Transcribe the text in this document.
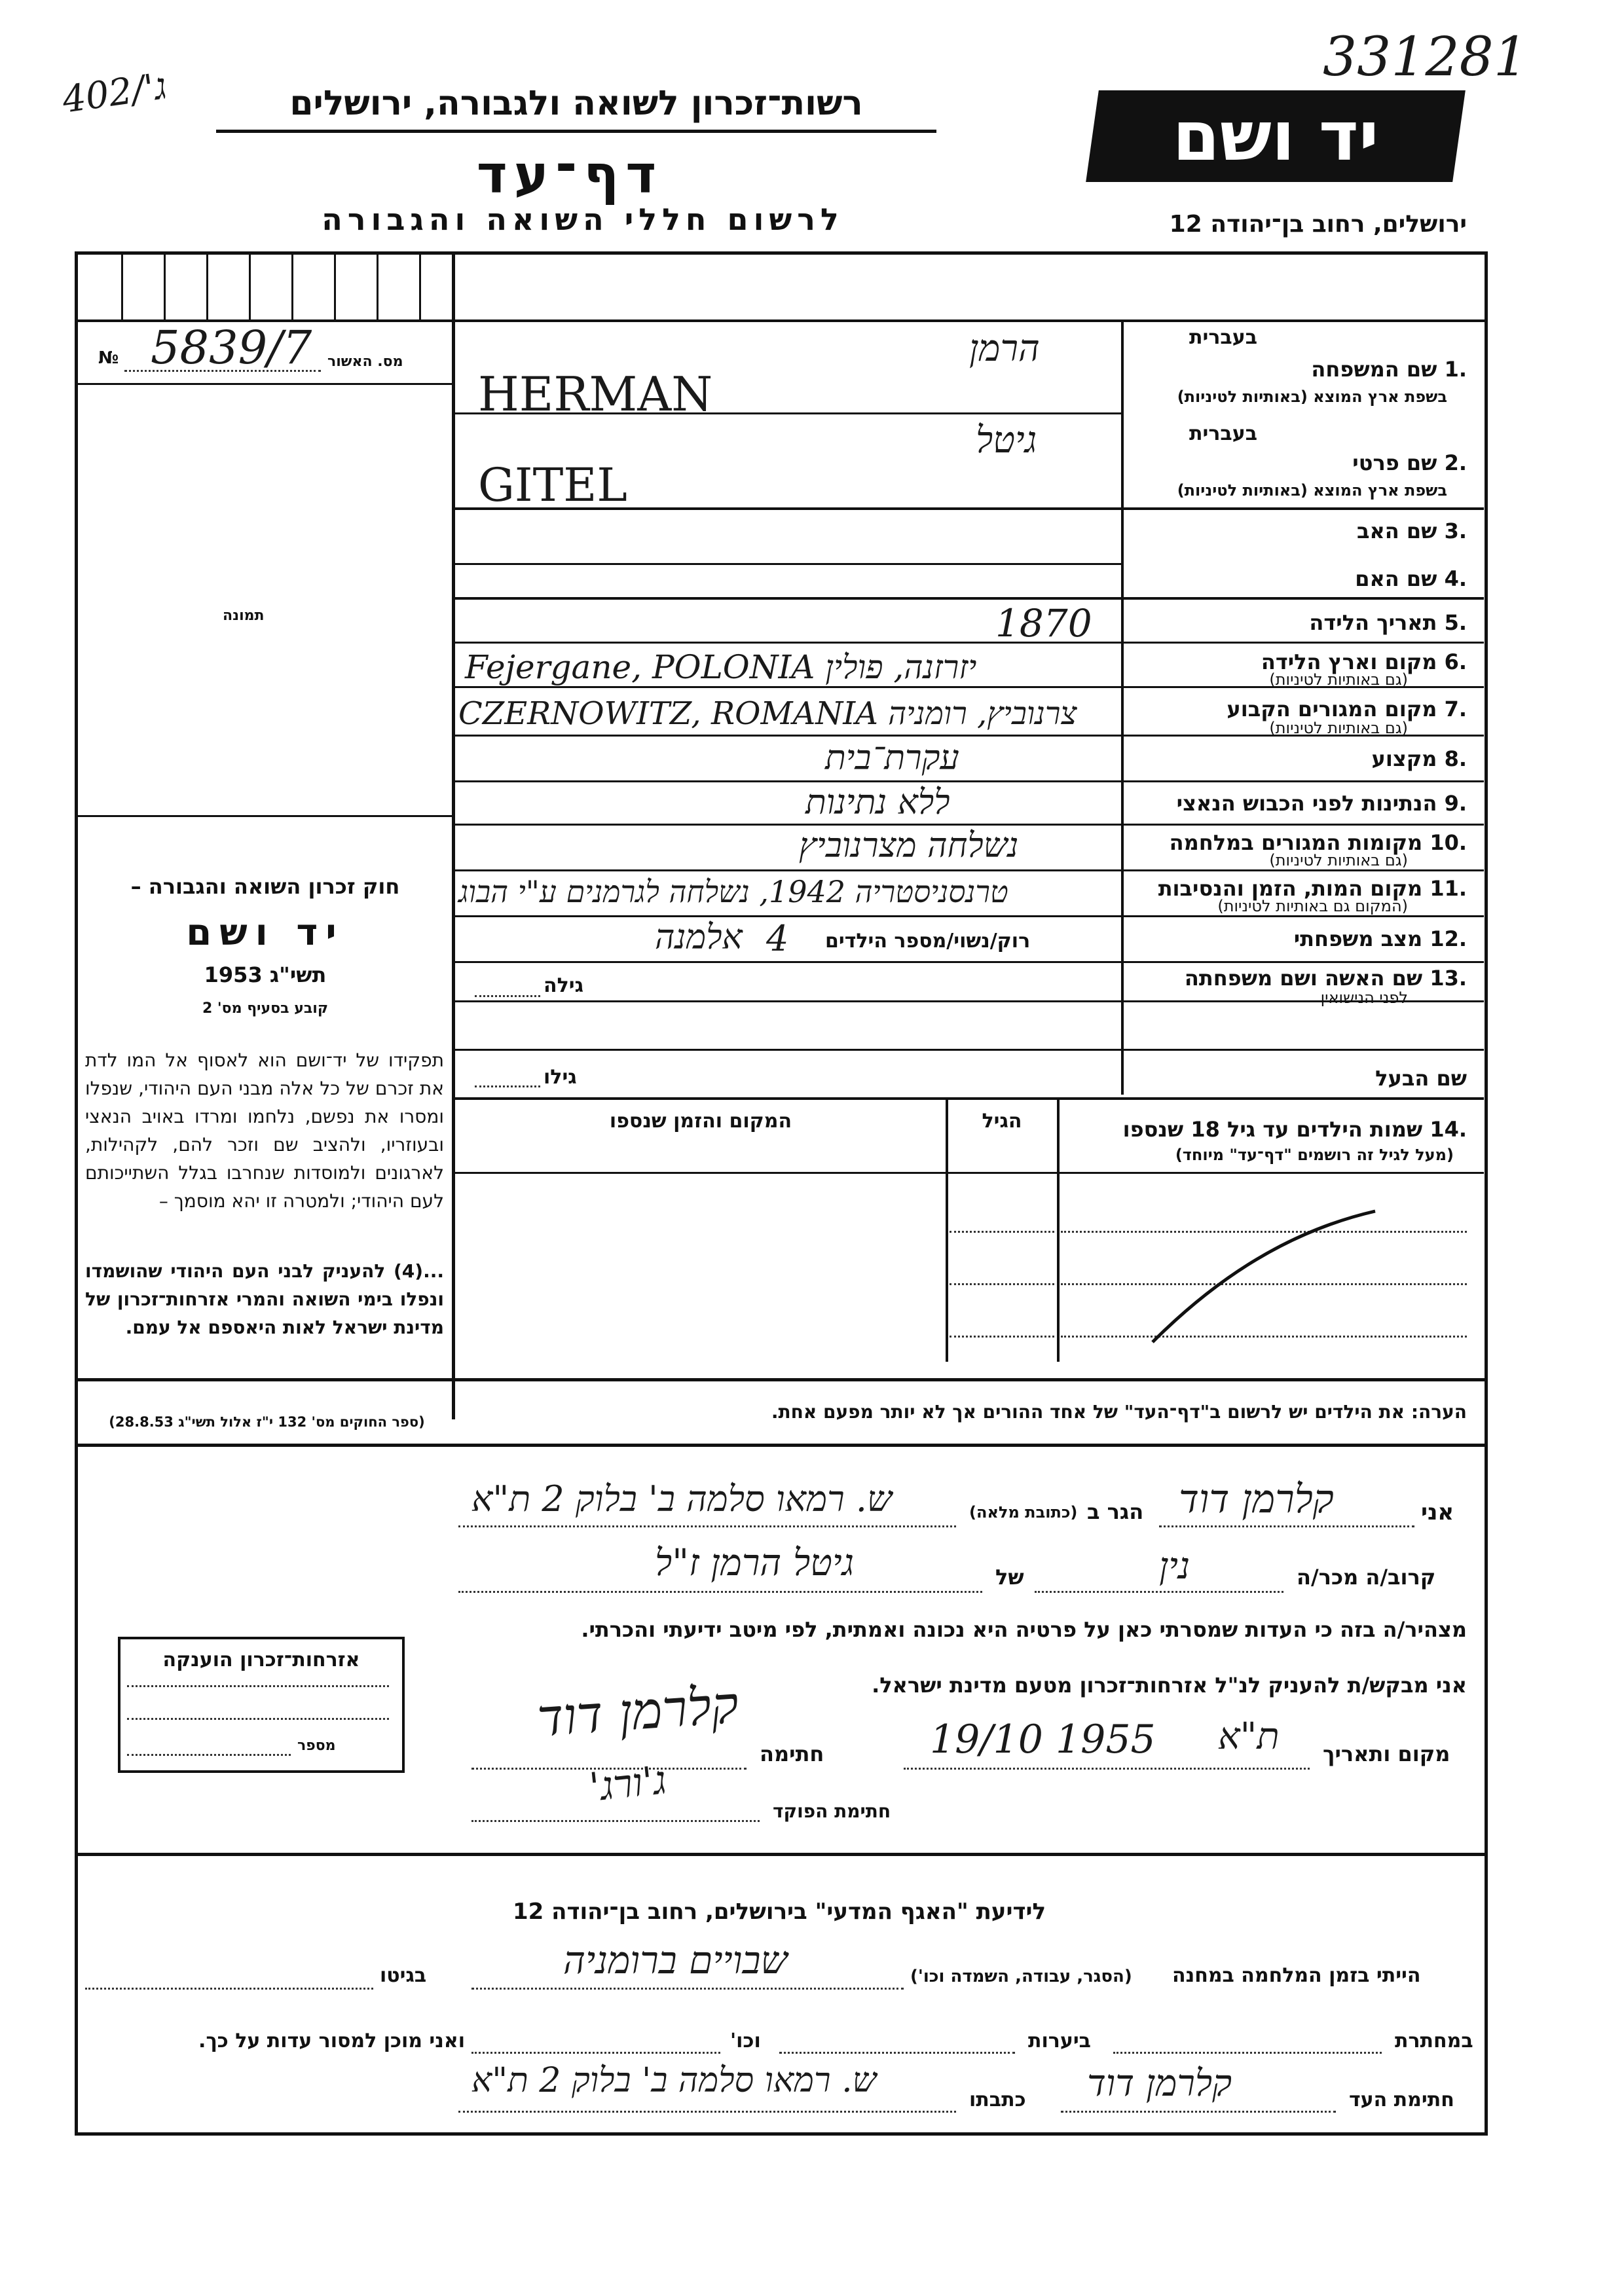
ג'/402
331281
רשות־זכרון לשואה ולגבורה, ירושלים
דף־עד
לרשום חללי השואה והגבורה
יד ושם
ירושלים, רחוב בן־יהודה 12
5839/7 מס. האשור
№
תמונה
חוק זכרון השואה והגבורה –
יד ושם
תשי"ג 1953
קובע בסעיף מס' 2
תפקידו של יד־ושם הוא לאסוף אל המו לדת את זכרם של כל אלה מבני העם היהודי, שנפלו ומסרו את נפשם, נלחמו ומרדו באויב הנאצי ובעוזריו, ולהציב שם וזכר להם, לקהילות, לארגונים ולמוסדות שנחרבו בגלל השתייכותם לעם היהודי; ולמטרה זו יהא מוסמך –
...(4) להעניק לבני העם היהודי שהושמדו ונפלו בימי השואה והמרי אזרחות־זכרון של מדינת ישראל לאות היאספם אל עמם.
(ספר החוקים מס' 132 י"ז אלול תשי"ג 28.8.53)
בעברית
.1 שם המשפחה
בשפת ארץ המוצא (באותיות לטיניות)
הרמן
HERMAN
בעברית
.2 שם פרטי
בשפת ארץ המוצא (באותיות לטיניות)
גיטל
GITEL
.3 שם האב
.4 שם האם
.5 תאריך הלידה
1870
.6 מקום וארץ הלידה
(גם באותיות לטיניות)
Fejergane, POLONIA יזרזנה, פולין
.7 מקום המגורים הקבוע
(גם באותיות לטיניות)
CZERNOWITZ, ROMANIA צרנוביץ, רומניה
.8 מקצוע
עקרת־בית
.9 הנתינות לפני הכבוש הנאצי
ללא נתינות
.10 מקומות המגורים במלחמה
(גם באותיות לטיניות)
נשלחה מצרנוביץ
.11 מקום המות, הזמן והנסיבות
(המקום גם באותיות לטיניות)
טרנסניסטריה 1942, נשלחה לגרמנים ע"י הבוג
.12 מצב משפחתי
רוק/נשוי/מספר הילדים
4
אלמנה
.13 שם האשה ושם משפחתה
לפני הנישואין
גילה
שם הבעל
גילו
.14 שמות הילדים עד גיל 18 שנספו
(מעל לגיל זה רושמים "דף־עד" מיוחד)
הגיל
המקום והזמן שנספו
הערה: את הילדים יש לרשום ב"דף־העד" של אחד ההורים אך לא יותר מפעם אחת.
אני
קלרמן דוד
הגר ב
(כתובת מלאה)
ש. רמאו סלמה ב' בלוק 2 ת"א
קרוב/ה מכר/ה
נין
של
גיטל הרמן ז"ל
מצהיר/ה בזה כי העדות שמסרתי כאן על פרטיה היא נכונה ואמתית, לפי מיטב ידיעתי והכרתי.
אני מבקש/ת להעניק לנ"ל אזרחות־זכרון מטעם מדינת ישראל.
מקום ותאריך
ת"א
19/10 1955
חתימה
קלרמן דוד
ג'ורג'
חתימת הפוקד
אזרחות־זכרון הוענקה
מספר
לידיעת "האגף המדעי" בירושלים, רחוב בן־יהודה 12
הייתי בזמן המלחמה במחנה
(הסגר, עבודה, השמדה וכו')
שבויים ברומניה
בגיטו
במחתרת
ביערות
וכו'
ואני מוכן למסור עדות על כך.
חתימת העד
קלרמן דוד
כתבתו
ש. רמאו סלמה ב' בלוק 2 ת"א
